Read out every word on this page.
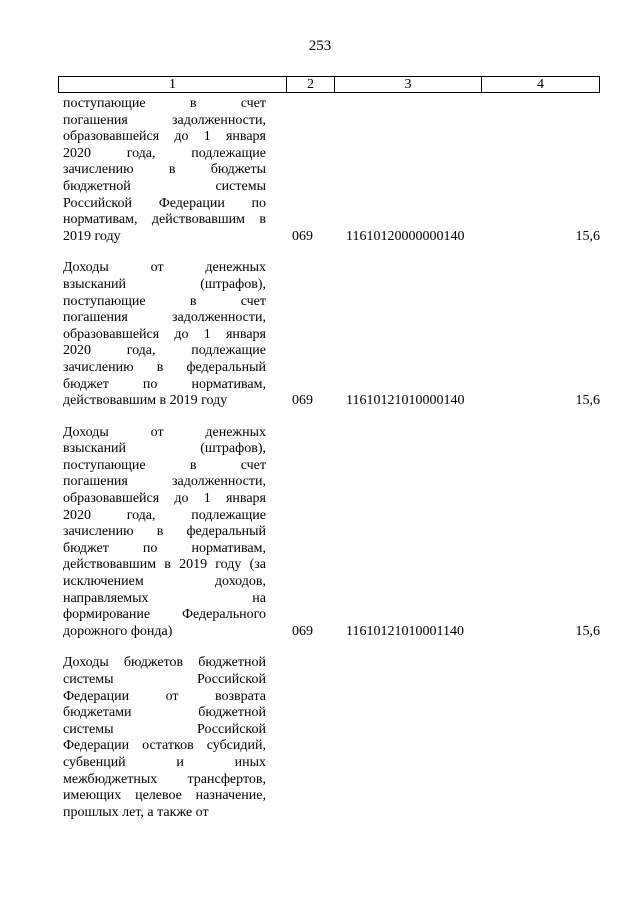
253
1	2	3	4
поступающие в счет
погашения задолженности,
образовавшейся до 1 января
2020 года, подлежащие
зачислению в бюджеты
бюджетной системы
Российской Федерации по
нормативам, действовавшим в
2019 году	069 11610120000000140	15,6
Доходы от денежных
взысканий (штрафов),
поступающие в счет
погашения задолженности,
образовавшейся до 1 января
2020 года, подлежащие
зачислению в федеральный
бюджет по нормативам,
действовавшим в 2019 году	069 11610121010000140	15,6
Доходы от денежных
взысканий (штрафов),
поступающие в счет
погашения задолженности,
образовавшейся до 1 января
2020 года, подлежащие
зачислению в федеральный
бюджет по нормативам,
действовавшим в 2019 году (за
исключением доходов,
направляемых на
формирование Федерального
дорожного фонда)	069 11610121010001140	15,6
Доходы бюджетов бюджетной
системы Российской
Федерации от возврата
бюджетами бюджетной
системы Российской
Федерации остатков субсидий,
субвенций и иных
межбюджетных трансфертов,
имеющих целевое назначение,
прошлых лет, а также от
